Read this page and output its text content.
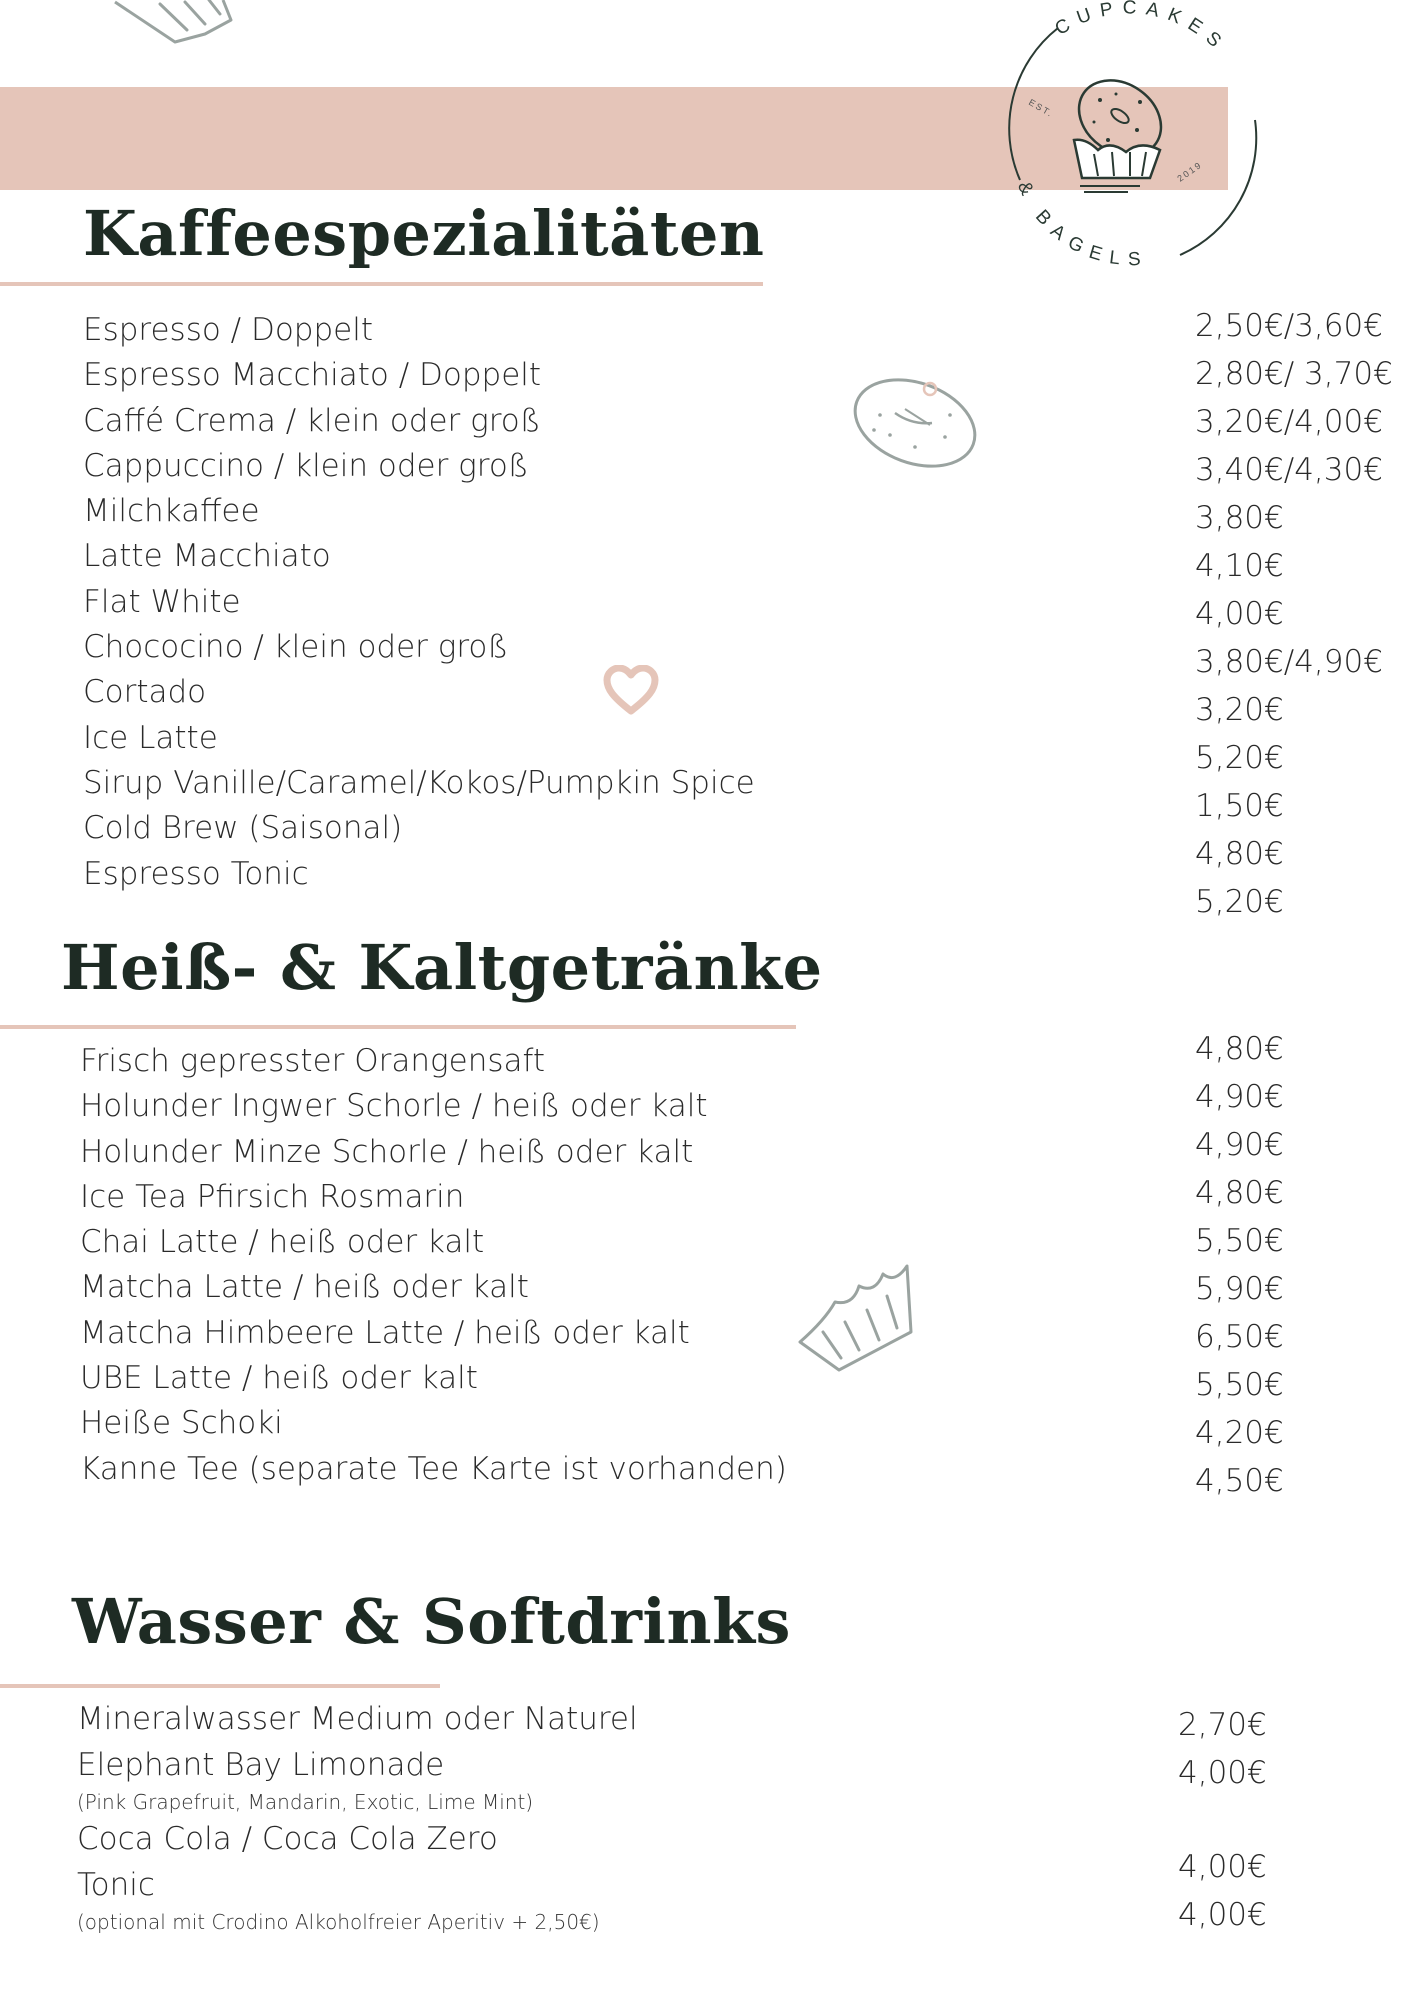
CUPCAKES
& BAGELS
EST.
2019
Kaffeespezialitäten
Espresso / Doppelt
Espresso Macchiato / Doppelt
Caffé Crema / klein oder groß
Cappuccino / klein oder groß
Milchkaffee
Latte Macchiato
Flat White
Chococino / klein oder groß
Cortado
Ice Latte
Sirup Vanille/Caramel/Kokos/Pumpkin Spice
Cold Brew (Saisonal)
Espresso Tonic
2,50€/3,60€
2,80€/ 3,70€
3,20€/4,00€
3,40€/4,30€
3,80€
4,10€
4,00€
3,80€/4,90€
3,20€
5,20€
1,50€
4,80€
5,20€
Heiß- & Kaltgetränke
Frisch gepresster Orangensaft
Holunder Ingwer Schorle / heiß oder kalt
Holunder Minze Schorle / heiß oder kalt
Ice Tea Pfirsich Rosmarin
Chai Latte / heiß oder kalt
Matcha Latte / heiß oder kalt
Matcha Himbeere Latte / heiß oder kalt
UBE Latte / heiß oder kalt
Heiße Schoki
Kanne Tee (separate Tee Karte ist vorhanden)
4,80€
4,90€
4,90€
4,80€
5,50€
5,90€
6,50€
5,50€
4,20€
4,50€
Wasser & Softdrinks
Mineralwasser Medium oder Naturel
Elephant Bay Limonade
(Pink Grapefruit, Mandarin, Exotic, Lime Mint)
Coca Cola / Coca Cola Zero
Tonic
(optional mit Crodino Alkoholfreier Aperitiv + 2,50€)
2,70€
4,00€
4,00€
4,00€
